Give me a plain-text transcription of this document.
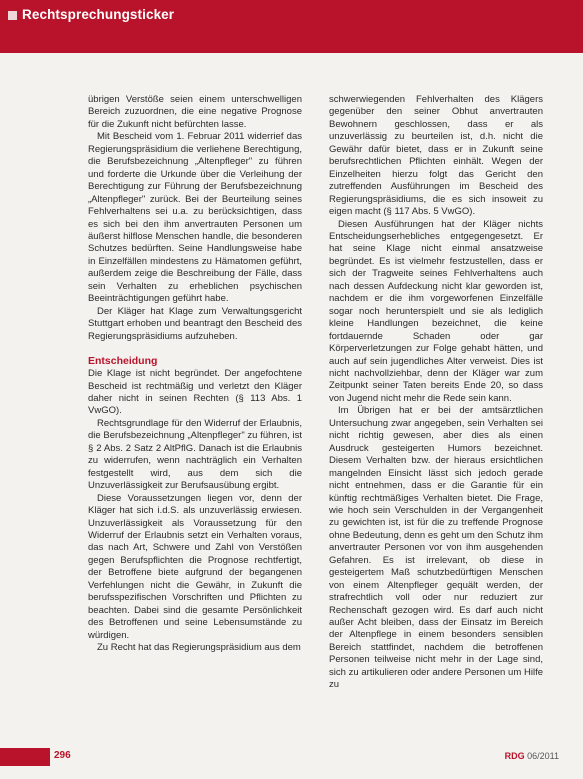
Rechtsprechungsticker

übrigen Verstöße seien einem unterschwelligen Bereich zuzuordnen, die eine negative Prognose für die Zukunft nicht befürchten lasse.

Mit Bescheid vom 1. Februar 2011 widerrief das Regierungspräsidium die verliehene Berechtigung, die Berufsbezeichnung „Altenpfleger" zu führen und forderte die Urkunde über die Verleihung der Berechtigung zur Führung der Berufsbezeichnung „Altenpfleger" zurück. Bei der Beurteilung seines Fehlverhaltens sei u.a. zu berücksichtigen, dass es sich bei den ihm anvertrauten Personen um äußerst hilflose Menschen handle, die besonderen Schutzes bedürften. Seine Handlungsweise habe in Einzelfällen mindestens zu Hämatomen geführt, außerdem zeige die Beschreibung der Fälle, dass sein Verhalten zu erheblichen psychischen Beeinträchtigungen geführt habe.

Der Kläger hat Klage zum Verwaltungsgericht Stuttgart erhoben und beantragt den Bescheid des Regierungspräsidiums aufzuheben.

Entscheidung

Die Klage ist nicht begründet. Der angefochtene Bescheid ist rechtmäßig und verletzt den Kläger daher nicht in seinen Rechten (§ 113 Abs. 1 VwGO).

Rechtsgrundlage für den Widerruf der Erlaubnis, die Berufsbezeichnung „Altenpfleger" zu führen, ist § 2 Abs. 2 Satz 2 AltPflG. Danach ist die Erlaubnis zu widerrufen, wenn nachträglich ein Verhalten festgestellt wird, aus dem sich die Unzuverlässigkeit zur Berufsausübung ergibt.

Diese Voraussetzungen liegen vor, denn der Kläger hat sich i.d.S. als unzuverlässig erwiesen. Unzuverlässigkeit als Voraussetzung für den Widerruf der Erlaubnis setzt ein Verhalten voraus, das nach Art, Schwere und Zahl von Verstößen gegen Berufspflichten die Prognose rechtfertigt, der Betroffene biete aufgrund der begangenen Verfehlungen nicht die Gewähr, in Zukunft die berufsspezifischen Vorschriften und Pflichten zu beachten. Dabei sind die gesamte Persönlichkeit des Betroffenen und seine Lebensumstände zu würdigen.

Zu Recht hat das Regierungspräsidium aus dem

schwerwiegenden Fehlverhalten des Klägers gegenüber den seiner Obhut anvertrauten Bewohnern geschlossen, dass er als unzuverlässig zu beurteilen ist, d.h. nicht die Gewähr dafür bietet, dass er in Zukunft seine berufsrechtlichen Pflichten einhält. Wegen der Einzelheiten hierzu folgt das Gericht den zutreffenden Ausführungen im Bescheid des Regierungspräsidiums, die es sich insoweit zu eigen macht (§ 117 Abs. 5 VwGO).

Diesen Ausführungen hat der Kläger nichts Entscheidungserhebliches entgegengesetzt. Er hat seine Klage nicht einmal ansatzweise begründet. Es ist vielmehr festzustellen, dass er sich der Tragweite seines Fehlverhaltens auch nach dessen Aufdeckung nicht klar geworden ist, nachdem er die ihm vorgeworfenen Einzelfälle sogar noch herunterspielt und sie als lediglich kleine Handlungen bezeichnet, die keine fortdauernde Schaden oder gar Körperverletzungen zur Folge gehabt hätten, und auch auf sein jugendliches Alter verweist. Dies ist nicht nachvollziehbar, denn der Kläger war zum Zeitpunkt seiner Taten bereits Ende 20, so dass von Jugend nicht mehr die Rede sein kann.

Im Übrigen hat er bei der amtsärztlichen Untersuchung zwar angegeben, sein Verhalten sei nicht richtig gewesen, aber dies als einen Ausdruck gesteigerten Humors bezeichnet. Diesem Verhalten bzw. der hieraus ersichtlichen mangelnden Einsicht lässt sich jedoch gerade nicht entnehmen, dass er die Garantie für ein künftig rechtmäßiges Verhalten bietet. Die Frage, wie hoch sein Verschulden in der Vergangenheit zu gewichten ist, ist für die zu treffende Prognose ohne Bedeutung, denn es geht um den Schutz ihm anvertrauter Personen vor von ihm ausgehenden Gefahren. Es ist irrelevant, ob diese in gesteigertem Maß schutzbedürftigen Menschen von einem Altenpfleger gequält werden, der strafrechtlich voll oder nur reduziert zur Rechenschaft gezogen wird. Es darf auch nicht außer Acht bleiben, dass der Einsatz im Bereich der Altenpflege in einem besonders sensiblen Bereich stattfindet, nachdem die betroffenen Personen teilweise nicht mehr in der Lage sind, sich zu artikulieren oder andere Personen um Hilfe zu

296	RDG 06/2011
